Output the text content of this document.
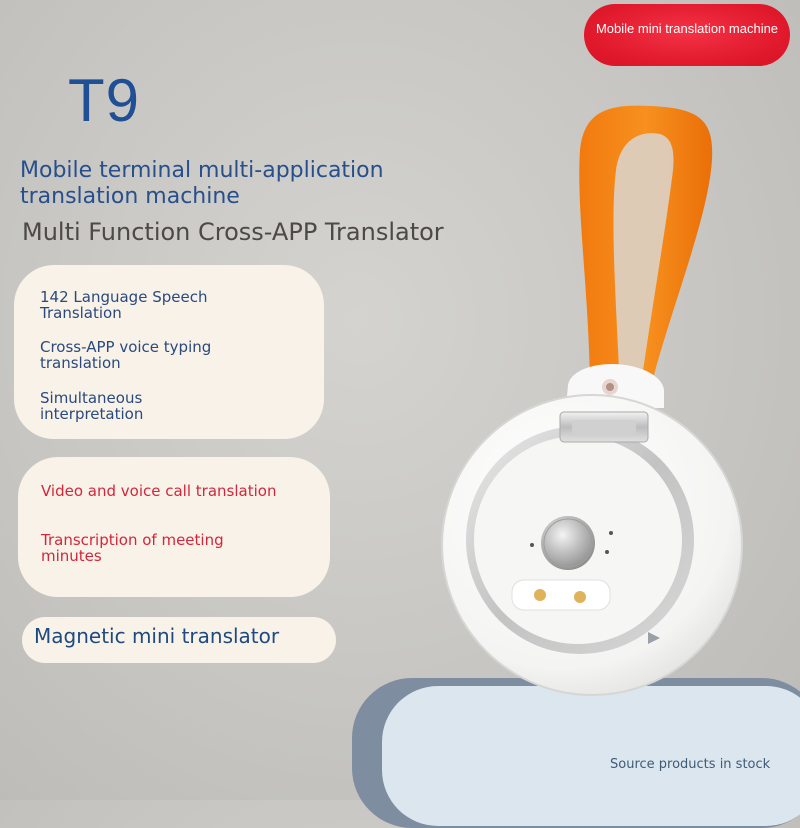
Mobile mini translation machine
T9
Mobile terminal multi-application
translation machine
Multi Function Cross-APP Translator
142 Language Speech
Translation
Cross-APP voice typing
translation
Simultaneous
interpretation
Video and voice call translation
Transcription of meeting
minutes
Magnetic mini translator
Source products in stock
